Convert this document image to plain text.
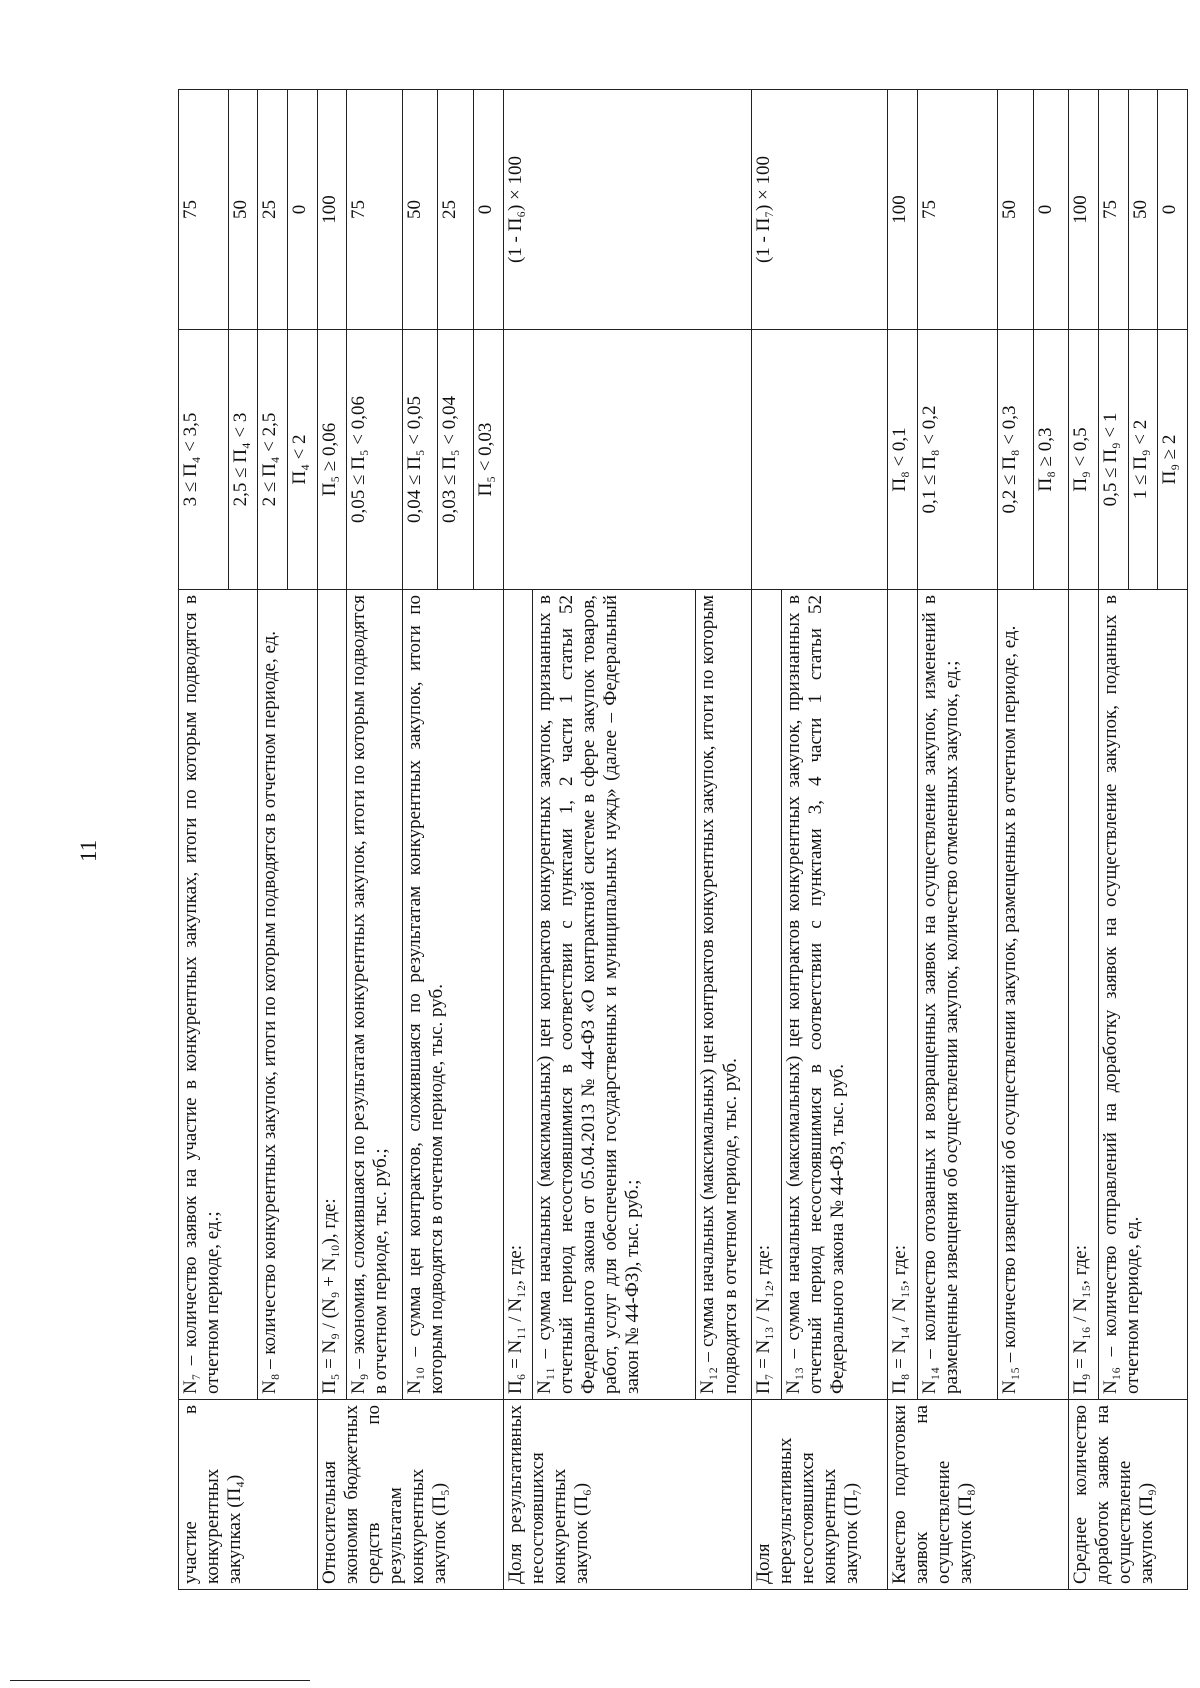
11
участие в конкурентных закупках (П₄)	N₇ – количество заявок на участие в конкурентных закупках, итоги по которым подводятся в отчетном периоде, ед.;	3 ≤ П₄ < 3,5	75
		2,5 ≤ П₄ < 3	50
	N₈ – количество конкурентных закупок, итоги по которым подводятся в отчетном периоде, ед.	2 ≤ П₄ < 2,5	25
		П₄ < 2	0
Относительная экономия бюджетных средств по результатам конкурентных закупок (П₅)	П₅ = N₉ / (N₉ + N₁₀), где:	П₅ ≥ 0,06	100
	N₉ – экономия, сложившаяся по результатам конкурентных закупок, итоги по которым подводятся в отчетном периоде, тыс. руб.;	0,05 ≤ П₅ < 0,06	75
	N₁₀ – сумма цен контрактов, сложившаяся по результатам конкурентных закупок, итоги по которым подводятся в отчетном периоде, тыс. руб.	0,04 ≤ П₅ < 0,05	50
		0,03 ≤ П₅ < 0,04	25
		П₅ < 0,03	0
Доля результативных несостоявшихся конкурентных закупок (П₆)	П₆ = N₁₁ / N₁₂, где:		(1 - П₆) × 100
	N₁₁ – сумма начальных (максимальных) цен контрактов конкурентных закупок, признанных в отчетный период несостоявшимися в соответствии с пунктами 1, 2 части 1 статьи 52 Федерального закона от 05.04.2013 № 44-ФЗ «О контрактной системе в сфере закупок товаров, работ, услуг для обеспечения государственных и муниципальных нужд» (далее – Федеральный закон № 44-ФЗ), тыс. руб.;		
	N₁₂ – сумма начальных (максимальных) цен контрактов конкурентных закупок, итоги по которым подводятся в отчетном периоде, тыс. руб.		
Доля нерезультативных несостоявшихся конкурентных закупок (П₇)	П₇ = N₁₃ / N₁₂, где:		(1 - П₇) × 100
	N₁₃ – сумма начальных (максимальных) цен контрактов конкурентных закупок, признанных в отчетный период несостоявшимися в соответствии с пунктами 3, 4 части 1 статьи 52 Федерального закона № 44-ФЗ, тыс. руб.		
Качество подготовки заявок на осуществление закупок (П₈)	П₈ = N₁₄ / N₁₅, где:	П₈ < 0,1	100
	N₁₄ – количество отозванных и возвращенных заявок на осуществление закупок, изменений в размещенные извещения об осуществлении закупок, количество отмененных закупок, ед.;	0,1 ≤ П₈ < 0,2	75
	N₁₅ – количество извещений об осуществлении закупок, размещенных в отчетном периоде, ед.	0,2 ≤ П₈ < 0,3	50
		П₈ ≥ 0,3	0
Среднее количество доработок заявок на осуществление закупок (П₉)	П₉ = N₁₆ / N₁₅, где:	П₉ < 0,5	100
	N₁₆ – количество отправлений на доработку заявок на осуществление закупок, поданных в отчетном периоде, ед.	0,5 ≤ П₉ < 1	75
		1 ≤ П₉ < 2	50
		П₉ ≥ 2	0
